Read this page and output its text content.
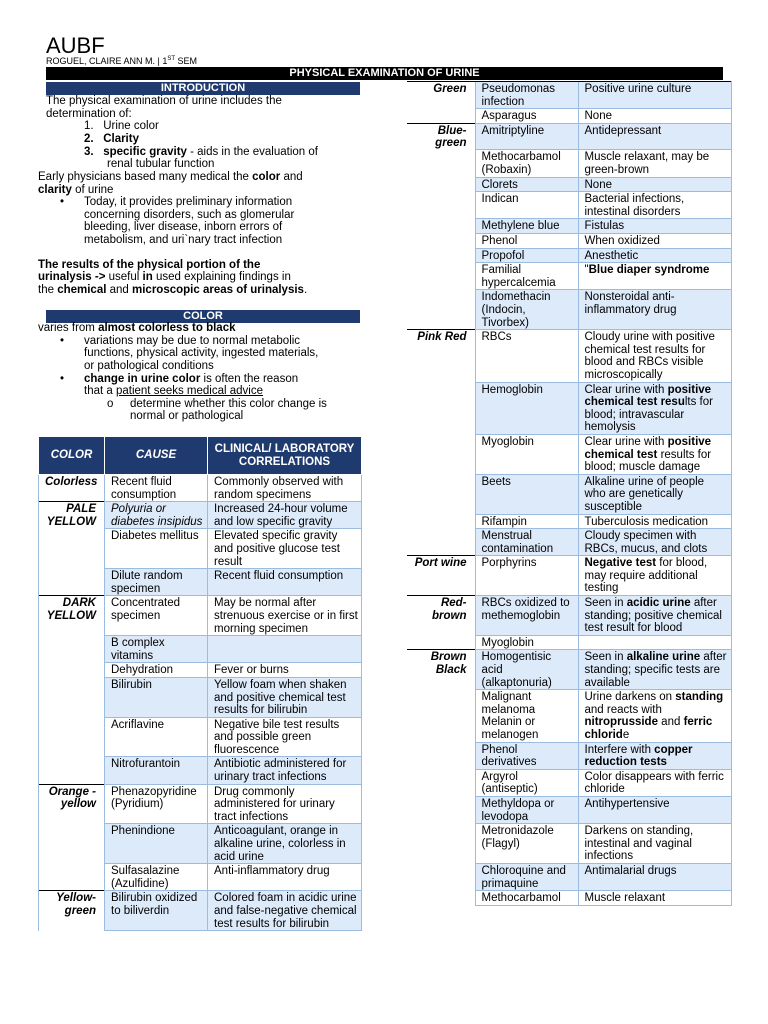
AUBF
ROGUEL, CLAIRE ANN M. | 1ST SEM
PHYSICAL EXAMINATION OF URINE
INTRODUCTION
The physical examination of urine includes the
determination of:
1. Urine color
2. Clarity
3. specific gravity - aids in the evaluation of
renal tubular function
Early physicians based many medical the color and
clarity of urine
• Today, it provides preliminary information
concerning disorders, such as glomerular
bleeding, liver disease, inborn errors of
metabolism, and uri`nary tract infection
The results of the physical portion of the
urinalysis -> useful in used explaining findings in
the chemical and microscopic areas of urinalysis.
COLOR
varies from almost colorless to black
• variations may be due to normal metabolic
functions, physical activity, ingested materials,
or pathological conditions
• change in urine color is often the reason
that a patient seeks medical advice
o determine whether this color change is
normal or pathological
COLOR	CAUSE	CLINICAL/ LABORATORY CORRELATIONS
Colorless	Recent fluid consumption	Commonly observed with random specimens
PALE YELLOW	Polyuria or diabetes insipidus	Increased 24-hour volume and low specific gravity
	Diabetes mellitus	Elevated specific gravity and positive glucose test result
	Dilute random specimen	Recent fluid consumption
DARK YELLOW	Concentrated specimen	May be normal after strenuous exercise or in first morning specimen
	B complex vitamins	
	Dehydration	Fever or burns
	Bilirubin	Yellow foam when shaken and positive chemical test results for bilirubin
	Acriflavine	Negative bile test results and possible green fluorescence
	Nitrofurantoin	Antibiotic administered for urinary tract infections
Orange -yellow	Phenazopyridine (Pyridium)	Drug commonly administered for urinary tract infections
	Phenindione	Anticoagulant, orange in alkaline urine, colorless in acid urine
	Sulfasalazine (Azulfidine)	Anti-inflammatory drug
Yellow-green	Bilirubin oxidized to biliverdin	Colored foam in acidic urine and false-negative chemical test results for bilirubin
Green	Pseudomonas infection	Positive urine culture
	Asparagus	None
Blue-green	Amitriptyline	Antidepressant
	Methocarbamol (Robaxin)	Muscle relaxant, may be green-brown
	Clorets	None
	Indican	Bacterial infections, intestinal disorders
	Methylene blue	Fistulas
	Phenol	When oxidized
	Propofol	Anesthetic
	Familial hypercalcemia	"Blue diaper syndrome
	Indomethacin (Indocin, Tivorbex)	Nonsteroidal anti-inflammatory drug
Pink Red	RBCs	Cloudy urine with positive chemical test results for blood and RBCs visible microscopically
	Hemoglobin	Clear urine with positive chemical test results for blood; intravascular hemolysis
	Myoglobin	Clear urine with positive chemical test results for blood; muscle damage
	Beets	Alkaline urine of people who are genetically susceptible
	Rifampin	Tuberculosis medication
	Menstrual contamination	Cloudy specimen with RBCs, mucus, and clots
Port wine	Porphyrins	Negative test for blood, may require additional testing
Red-brown	RBCs oxidized to methemoglobin	Seen in acidic urine after standing; positive chemical test result for blood
	Myoglobin	
Brown Black	Homogentisic acid (alkaptonuria)	Seen in alkaline urine after standing; specific tests are available
	Malignant melanoma Melanin or melanogen	Urine darkens on standing and reacts with nitroprusside and ferric chloride
	Phenol derivatives	Interfere with copper reduction tests
	Argyrol (antiseptic)	Color disappears with ferric chloride
	Methyldopa or levodopa	Antihypertensive
	Metronidazole (Flagyl)	Darkens on standing, intestinal and vaginal infections
	Chloroquine and primaquine	Antimalarial drugs
	Methocarbamol	Muscle relaxant
